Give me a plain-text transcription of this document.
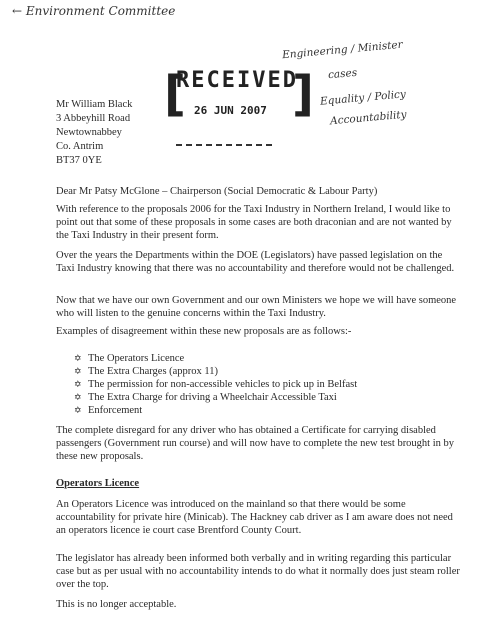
← Environment Committee
Engineering / Minister
cases
Equality / Policy
Accountability
Mr William Black
3 Abbeyhill Road
Newtownabbey
Co. Antrim
BT37 0YE
[
RECEIVED
26 JUN 2007 ]
Dear Mr Patsy McGlone – Chairperson (Social Democratic & Labour Party)
With reference to the proposals 2006 for the Taxi Industry in Northern Ireland, I would like to point out that some of these proposals in some cases are both draconian and are not wanted by the Taxi Industry in their present form.
Over the years the Departments within the DOE (Legislators) have passed legislation on the Taxi Industry knowing that there was no accountability and therefore would not be challenged.
Now that we have our own Government and our own Ministers we hope we will have someone who will listen to the genuine concerns within the Taxi Industry.
Examples of disagreement within these new proposals are as follows:-
✡ The Operators Licence
✡ The Extra Charges (approx 11)
✡ The permission for non-accessible vehicles to pick up in Belfast
✡ The Extra Charge for driving a Wheelchair Accessible Taxi
✡ Enforcement
The complete disregard for any driver who has obtained a Certificate for carrying disabled passengers (Government run course) and will now have to complete the new test brought in by these new proposals.
Operators Licence
An Operators Licence was introduced on the mainland so that there would be some accountability for private hire (Minicab). The Hackney cab driver as I am aware does not need an operators licence ie court case Brentford County Court.
The legislator has already been informed both verbally and in writing regarding this particular case but as per usual with no accountability intends to do what it normally does just steam roller over the top.
This is no longer acceptable.
